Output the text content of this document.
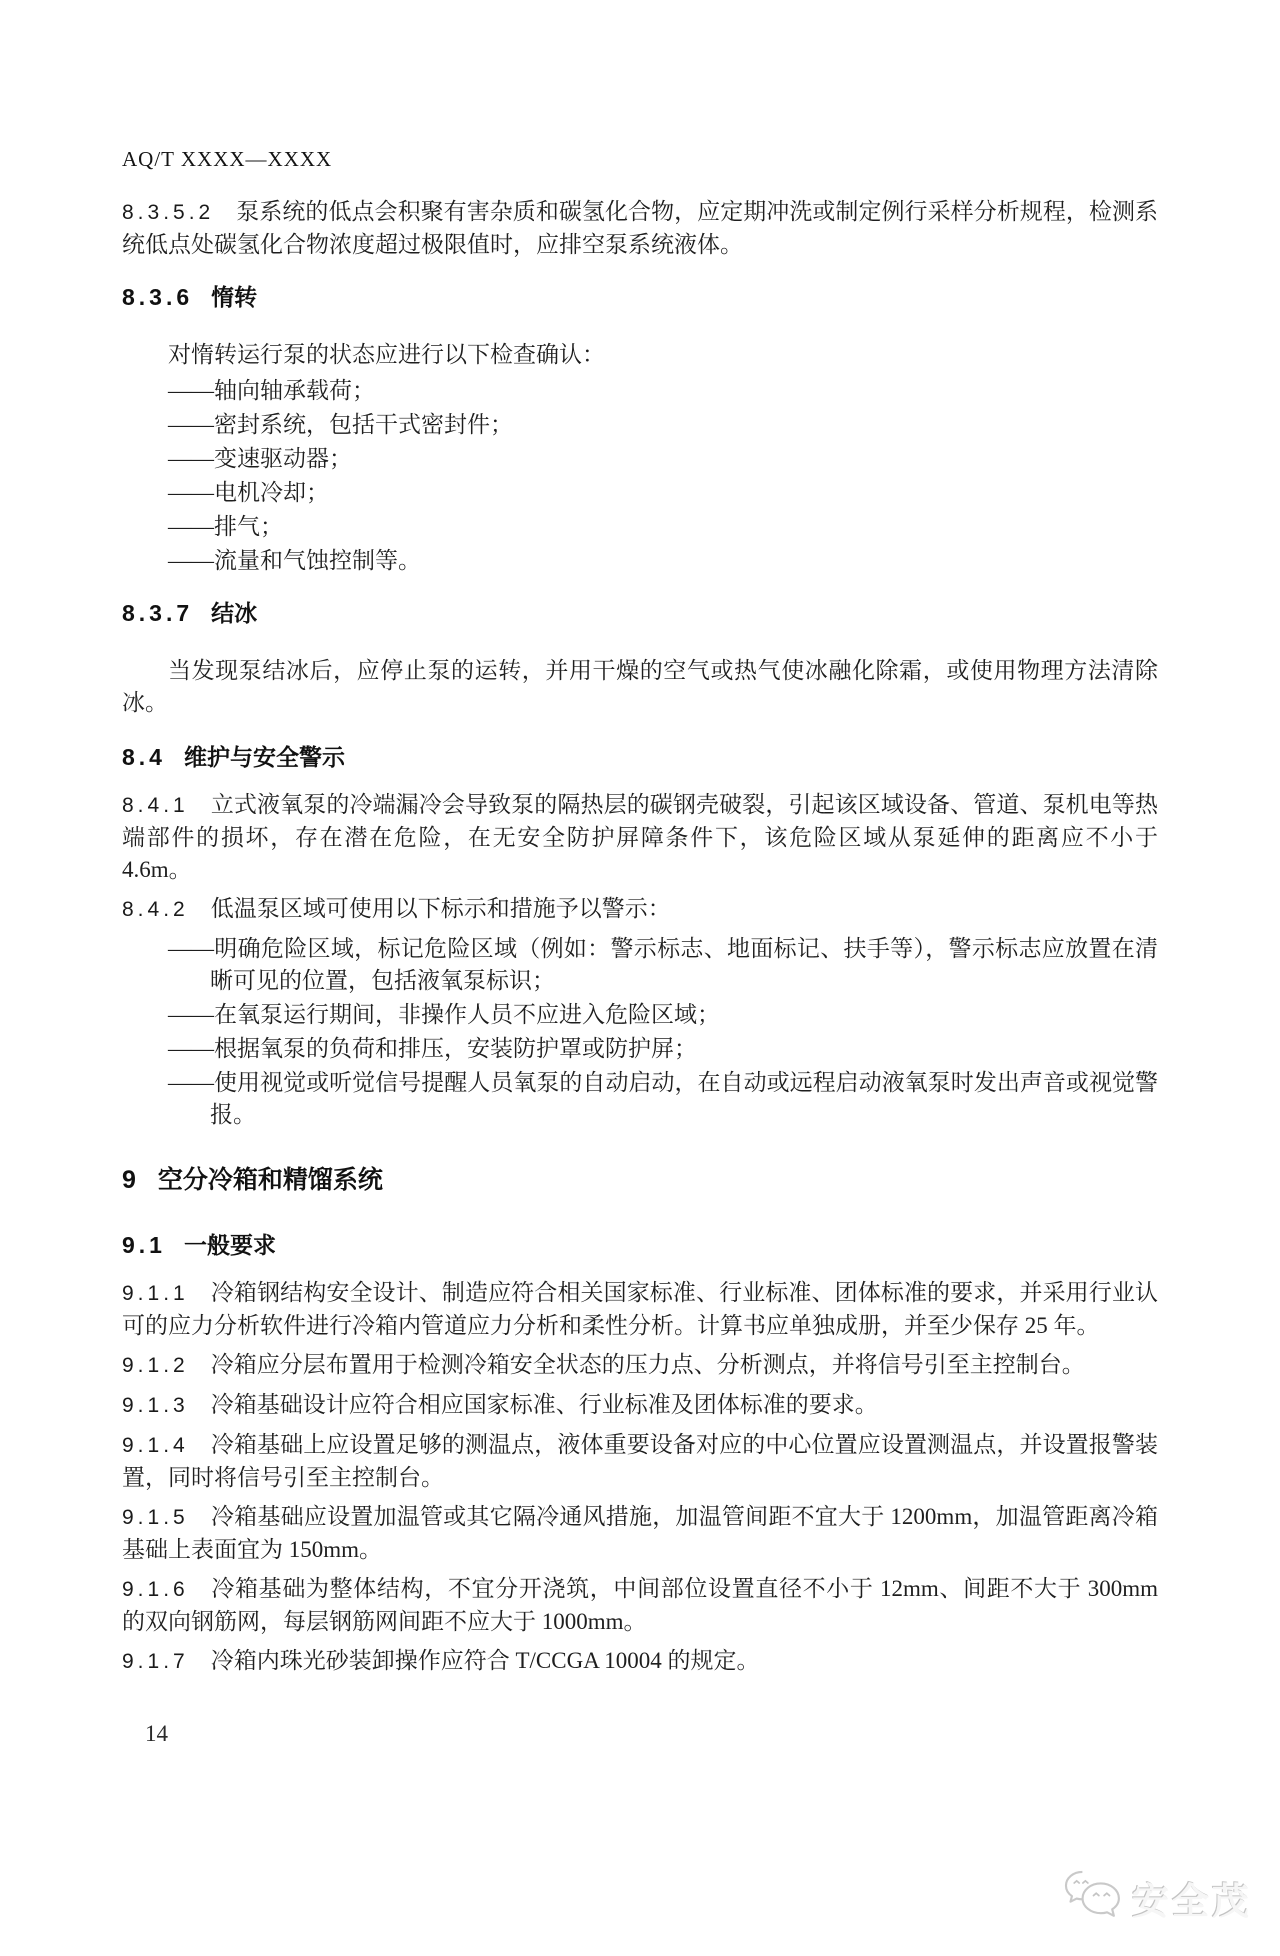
AQ/T XXXX—XXXX

8.3.5.2 泵系统的低点会积聚有害杂质和碳氢化合物，应定期冲洗或制定例行采样分析规程，检测系统低点处碳氢化合物浓度超过极限值时，应排空泵系统液体。

8.3.6 惰转

对惰转运行泵的状态应进行以下检查确认：

——轴向轴承载荷；

——密封系统，包括干式密封件；

——变速驱动器；

——电机冷却；

——排气；

——流量和气蚀控制等。

8.3.7 结冰

当发现泵结冰后，应停止泵的运转，并用干燥的空气或热气使冰融化除霜，或使用物理方法清除冰。

8.4 维护与安全警示

8.4.1 立式液氧泵的冷端漏冷会导致泵的隔热层的碳钢壳破裂，引起该区域设备、管道、泵机电等热端部件的损坏，存在潜在危险，在无安全防护屏障条件下，该危险区域从泵延伸的距离应不小于 4.6m。

8.4.2 低温泵区域可使用以下标示和措施予以警示：

——明确危险区域，标记危险区域（例如：警示标志、地面标记、扶手等），警示标志应放置在清晰可见的位置，包括液氧泵标识；

——在氧泵运行期间，非操作人员不应进入危险区域；

——根据氧泵的负荷和排压，安装防护罩或防护屏；

——使用视觉或听觉信号提醒人员氧泵的自动启动，在自动或远程启动液氧泵时发出声音或视觉警报。

9 空分冷箱和精馏系统
9.1 一般要求

9.1.1 冷箱钢结构安全设计、制造应符合相关国家标准、行业标准、团体标准的要求，并采用行业认可的应力分析软件进行冷箱内管道应力分析和柔性分析。计算书应单独成册，并至少保存 25 年。

9.1.2 冷箱应分层布置用于检测冷箱安全状态的压力点、分析测点，并将信号引至主控制台。

9.1.3 冷箱基础设计应符合相应国家标准、行业标准及团体标准的要求。

9.1.4 冷箱基础上应设置足够的测温点，液体重要设备对应的中心位置应设置测温点，并设置报警装置，同时将信号引至主控制台。

9.1.5 冷箱基础应设置加温管或其它隔冷通风措施，加温管间距不宜大于 1200mm，加温管距离冷箱基础上表面宜为 150mm。

9.1.6 冷箱基础为整体结构，不宜分开浇筑，中间部位设置直径不小于 12mm、间距不大于 300mm 的双向钢筋网，每层钢筋网间距不应大于 1000mm。

9.1.7 冷箱内珠光砂装卸操作应符合 T/CCGA 10004 的规定。

14
安全茂
